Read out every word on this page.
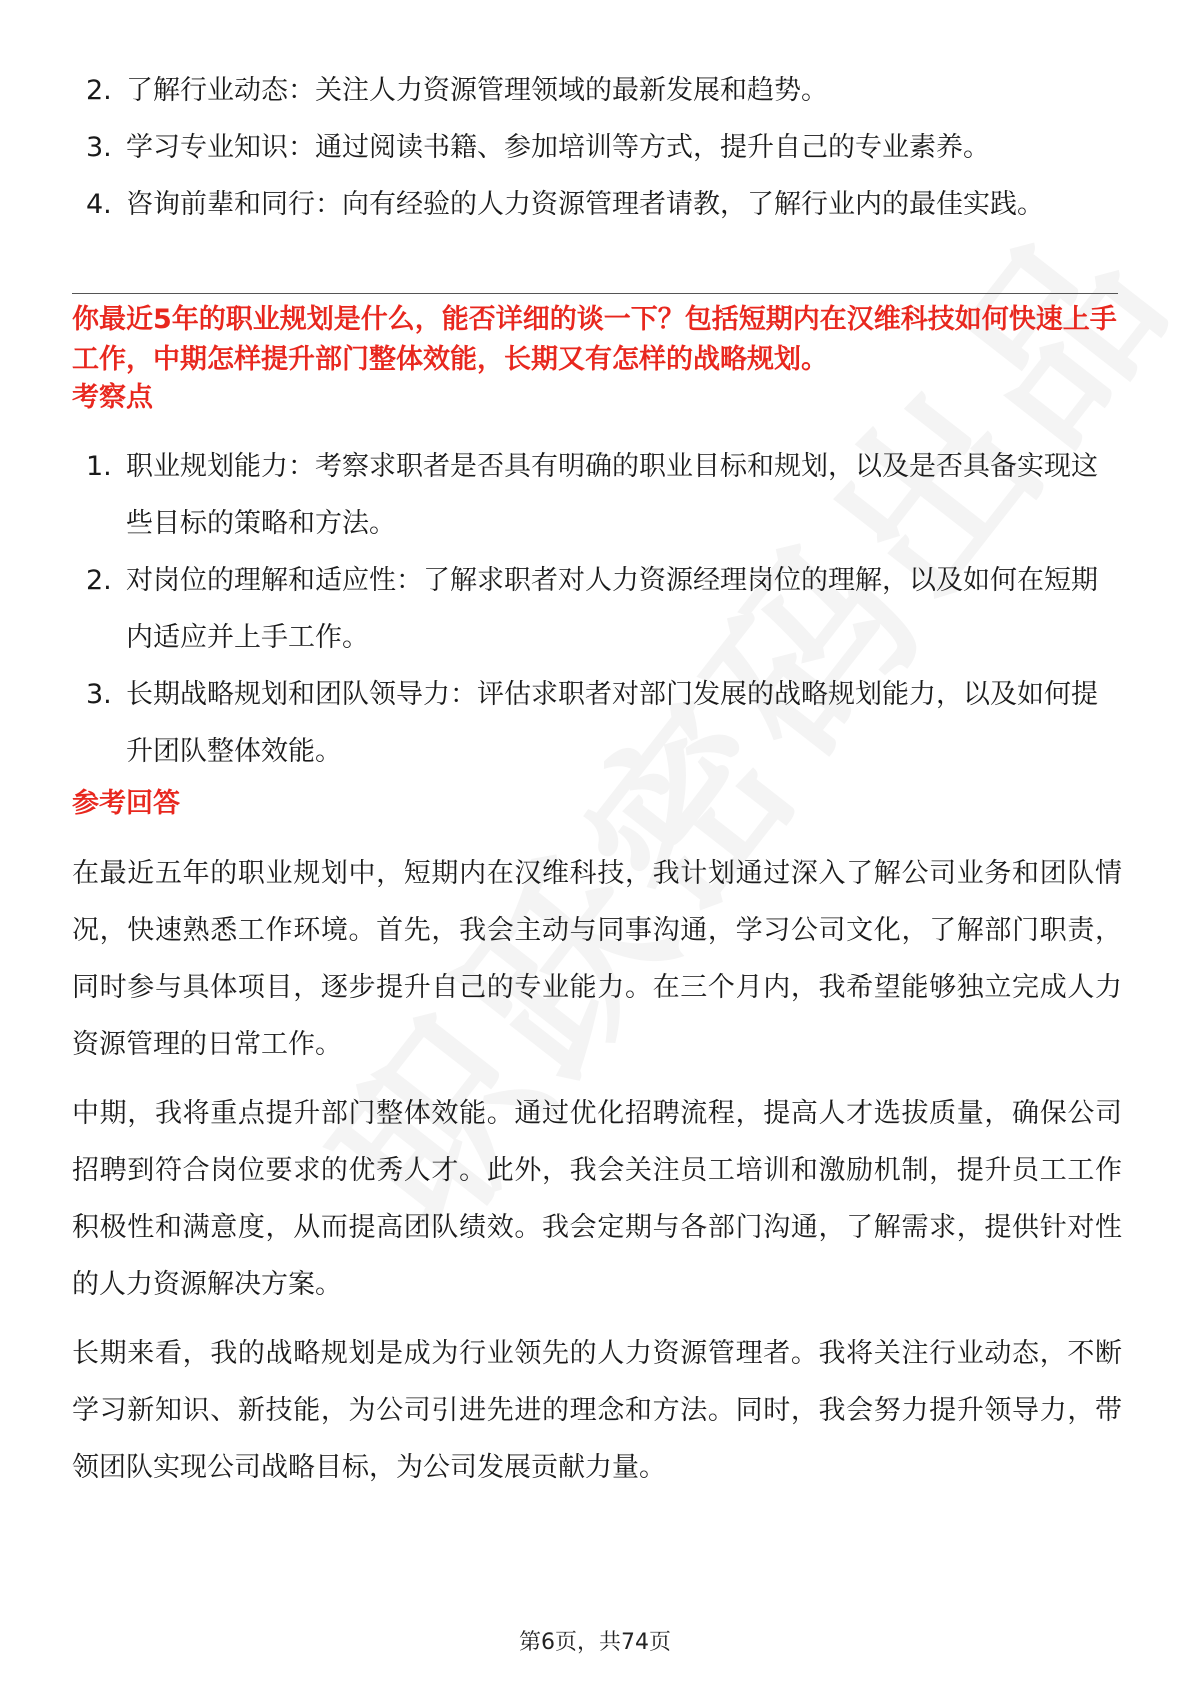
2. 了解行业动态：关注人力资源管理领域的最新发展和趋势。
3. 学习专业知识：通过阅读书籍、参加培训等方式，提升自己的专业素养。
4. 咨询前辈和同行：向有经验的人力资源管理者请教，了解行业内的最佳实践。
你最近5年的职业规划是什么，能否详细的谈一下？包括短期内在汉维科技如何快速上手工作，中期怎样提升部门整体效能，长期又有怎样的战略规划。
考察点
1. 职业规划能力：考察求职者是否具有明确的职业目标和规划，以及是否具备实现这些目标的策略和方法。
2. 对岗位的理解和适应性：了解求职者对人力资源经理岗位的理解，以及如何在短期内适应并上手工作。
3. 长期战略规划和团队领导力：评估求职者对部门发展的战略规划能力，以及如何提升团队整体效能。
参考回答

在最近五年的职业规划中，短期内在汉维科技，我计划通过深入了解公司业务和团队情况，快速熟悉工作环境。首先，我会主动与同事沟通，学习公司文化，了解部门职责，同时参与具体项目，逐步提升自己的专业能力。在三个月内，我希望能够独立完成人力资源管理的日常工作。

中期，我将重点提升部门整体效能。通过优化招聘流程，提高人才选拔质量，确保公司招聘到符合岗位要求的优秀人才。此外，我会关注员工培训和激励机制，提升员工工作积极性和满意度，从而提高团队绩效。我会定期与各部门沟通，了解需求，提供针对性的人力资源解决方案。

长期来看，我的战略规划是成为行业领先的人力资源管理者。我将关注行业动态，不断学习新知识、新技能，为公司引进先进的理念和方法。同时，我会努力提升领导力，带领团队实现公司战略目标，为公司发展贡献力量。

第6页，共74页
